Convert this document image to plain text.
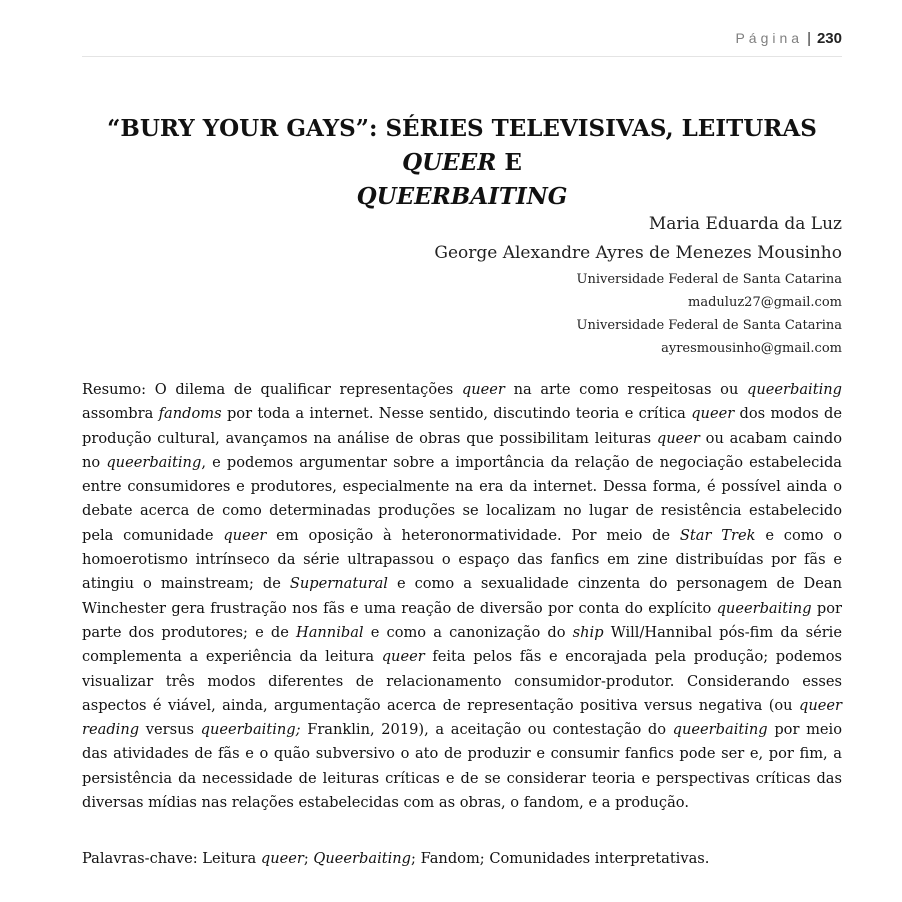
Página | 230
“BURY YOUR GAYS”: SÉRIES TELEVISIVAS, LEITURAS QUEER E
QUEERBAITING
Maria Eduarda da Luz
George Alexandre Ayres de Menezes Mousinho
Universidade Federal de Santa Catarina
maduluz27@gmail.com
Universidade Federal de Santa Catarina
ayresmousinho@gmail.com

Resumo: O dilema de qualificar representações queer na arte como respeitosas ou queerbaiting assombra fandoms por toda a internet. Nesse sentido, discutindo teoria e crítica queer dos modos de produção cultural, avançamos na análise de obras que possibilitam leituras queer ou acabam caindo no queerbaiting, e podemos argumentar sobre a importância da relação de negociação estabelecida entre consumidores e produtores, especialmente na era da internet. Dessa forma, é possível ainda o debate acerca de como determinadas produções se localizam no lugar de resistência estabelecido pela comunidade queer em oposição à heteronormatividade. Por meio de Star Trek e como o homoerotismo intrínseco da série ultrapassou o espaço das fanfics em zine distribuídas por fãs e atingiu o mainstream; de Supernatural e como a sexualidade cinzenta do personagem de Dean Winchester gera frustração nos fãs e uma reação de diversão por conta do explícito queerbaiting por parte dos produtores; e de Hannibal e como a canonização do ship Will/Hannibal pós-fim da série complementa a experiência da leitura queer feita pelos fãs e encorajada pela produção; podemos visualizar três modos diferentes de relacionamento consumidor-produtor. Considerando esses aspectos é viável, ainda, argumentação acerca de representação positiva versus negativa (ou queer reading versus queerbaiting; Franklin, 2019), a aceitação ou contestação do queerbaiting por meio das atividades de fãs e o quão subversivo o ato de produzir e consumir fanfics pode ser e, por fim, a persistência da necessidade de leituras críticas e de se considerar teoria e perspectivas críticas das diversas mídias nas relações estabelecidas com as obras, o fandom, e a produção.

Palavras-chave: Leitura queer; Queerbaiting; Fandom; Comunidades interpretativas.
